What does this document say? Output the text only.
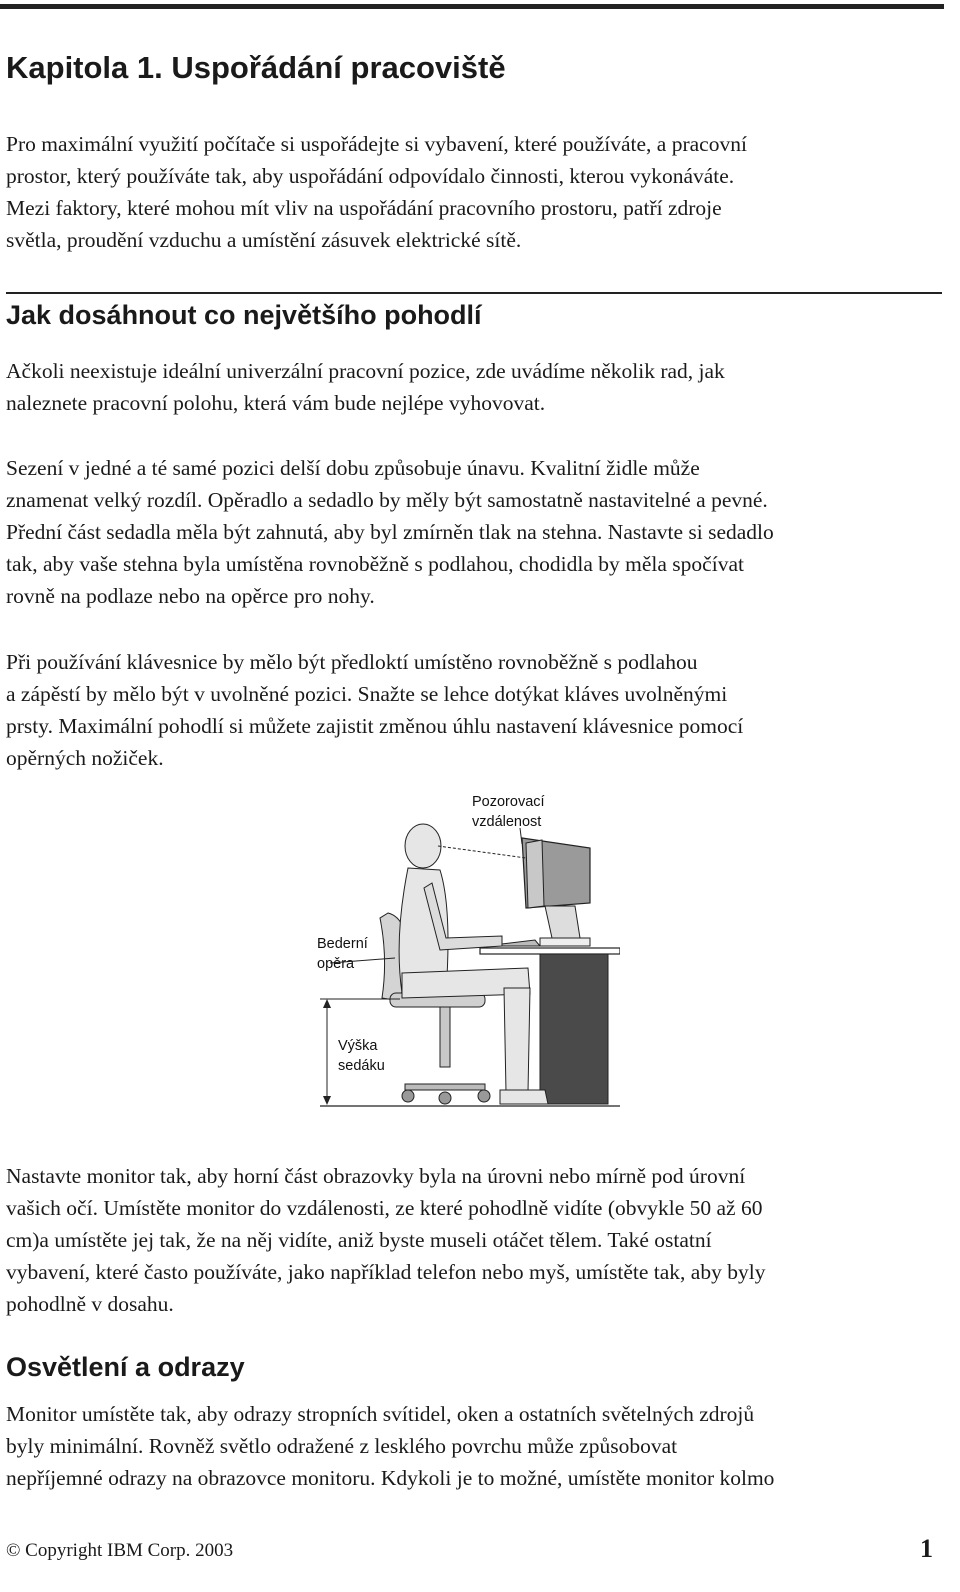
Kapitola 1. Uspořádání pracoviště

Pro maximální využití počítače si uspořádejte si vybavení, které používáte, a pracovní
prostor, který používáte tak, aby uspořádání odpovídalo činnosti, kterou vykonáváte.
Mezi faktory, které mohou mít vliv na uspořádání pracovního prostoru, patří zdroje
světla, proudění vzduchu a umístění zásuvek elektrické sítě.

Jak dosáhnout co největšího pohodlí

Ačkoli neexistuje ideální univerzální pracovní pozice, zde uvádíme několik rad, jak
naleznete pracovní polohu, která vám bude nejlépe vyhovovat.

Sezení v jedné a té samé pozici delší dobu způsobuje únavu. Kvalitní židle může
znamenat velký rozdíl. Opěradlo a sedadlo by měly být samostatně nastavitelné a pevné.
Přední část sedadla měla být zahnutá, aby byl zmírněn tlak na stehna. Nastavte si sedadlo
tak, aby vaše stehna byla umístěna rovnoběžně s podlahou, chodidla by měla spočívat
rovně na podlaze nebo na opěrce pro nohy.

Při používání klávesnice by mělo být předloktí umístěno rovnoběžně s podlahou
a zápěstí by mělo být v uvolněné pozici. Snažte se lehce dotýkat kláves uvolněnými
prsty. Maximální pohodlí si můžete zajistit změnou úhlu nastavení klávesnice pomocí
opěrných nožiček.

Pozorovací
vzdálenost
Bederní
opěra
Výška
sedáku

Nastavte monitor tak, aby horní část obrazovky byla na úrovni nebo mírně pod úrovní
vašich očí. Umístěte monitor do vzdálenosti, ze které pohodlně vidíte (obvykle 50 až 60
cm)a umístěte jej tak, že na něj vidíte, aniž byste museli otáčet tělem. Také ostatní
vybavení, které často používáte, jako například telefon nebo myš, umístěte tak, aby byly
pohodlně v dosahu.

Osvětlení a odrazy

Monitor umístěte tak, aby odrazy stropních svítidel, oken a ostatních světelných zdrojů
byly minimální. Rovněž světlo odražené z lesklého povrchu může způsobovat
nepříjemné odrazy na obrazovce monitoru. Kdykoli je to možné, umístěte monitor kolmo

© Copyright IBM Corp. 2003	1
